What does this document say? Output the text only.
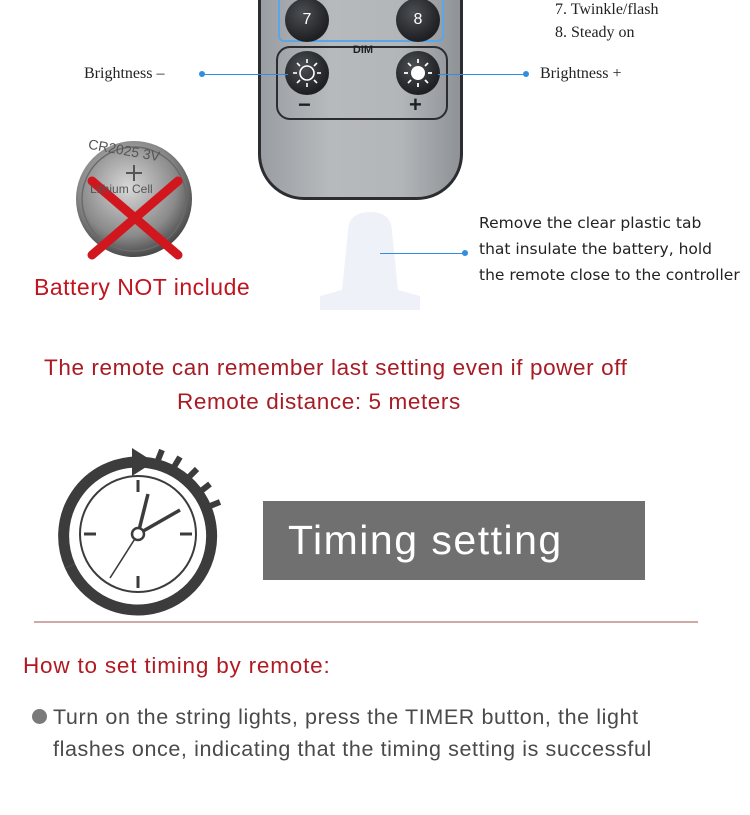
7	8
DIM
−	+
7. Twinkle/flash
8. Steady on
Brightness –	Brightness +
CR2025 3V
Lithium Cell
Battery NOT include
Remove the clear plastic tab
that insulate the battery, hold
the remote close to the controller
The remote can remember last setting even if power off
Remote distance: 5 meters
Timing setting
How to set timing by remote:
Turn on the string lights, press the TIMER button, the light flashes once, indicating that the timing setting is successful
